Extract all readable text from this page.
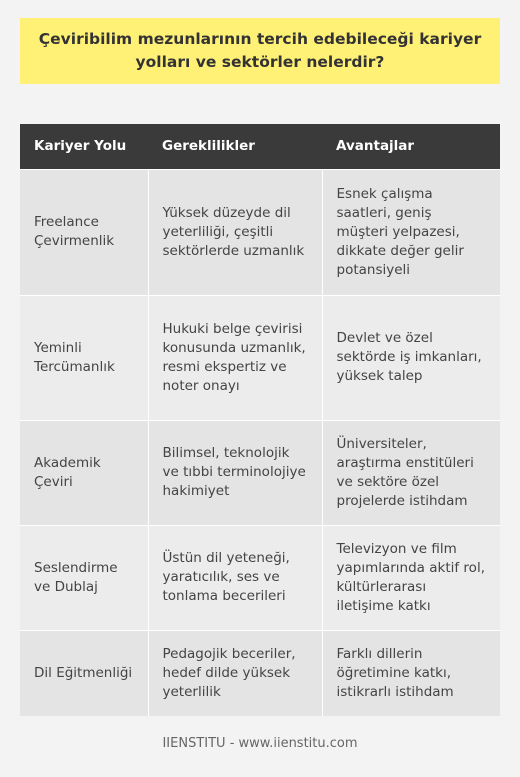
Çeviribilim mezunlarının tercih edebileceği kariyer yolları ve sektörler nelerdir?
Kariyer Yolu	Gereklilikler	Avantajlar
Freelance Çevirmenlik	Yüksek düzeyde dil yeterliliği, çeşitli sektörlerde uzmanlık	Esnek çalışma saatleri, geniş müşteri yelpazesi, dikkate değer gelir potansiyeli
Yeminli Tercümanlık	Hukuki belge çevirisi konusunda uzmanlık, resmi ekspertiz ve noter onayı	Devlet ve özel sektörde iş imkanları, yüksek talep
Akademik Çeviri	Bilimsel, teknolojik ve tıbbi terminolojiye hakimiyet	Üniversiteler, araştırma enstitüleri ve sektöre özel projelerde istihdam
Seslendirme ve Dublaj	Üstün dil yeteneği, yaratıcılık, ses ve tonlama becerileri	Televizyon ve film yapımlarında aktif rol, kültürlerarası iletişime katkı
Dil Eğitmenliği	Pedagojik beceriler, hedef dilde yüksek yeterlilik	Farklı dillerin öğretimine katkı, istikrarlı istihdam
IIENSTITU - www.iienstitu.com
